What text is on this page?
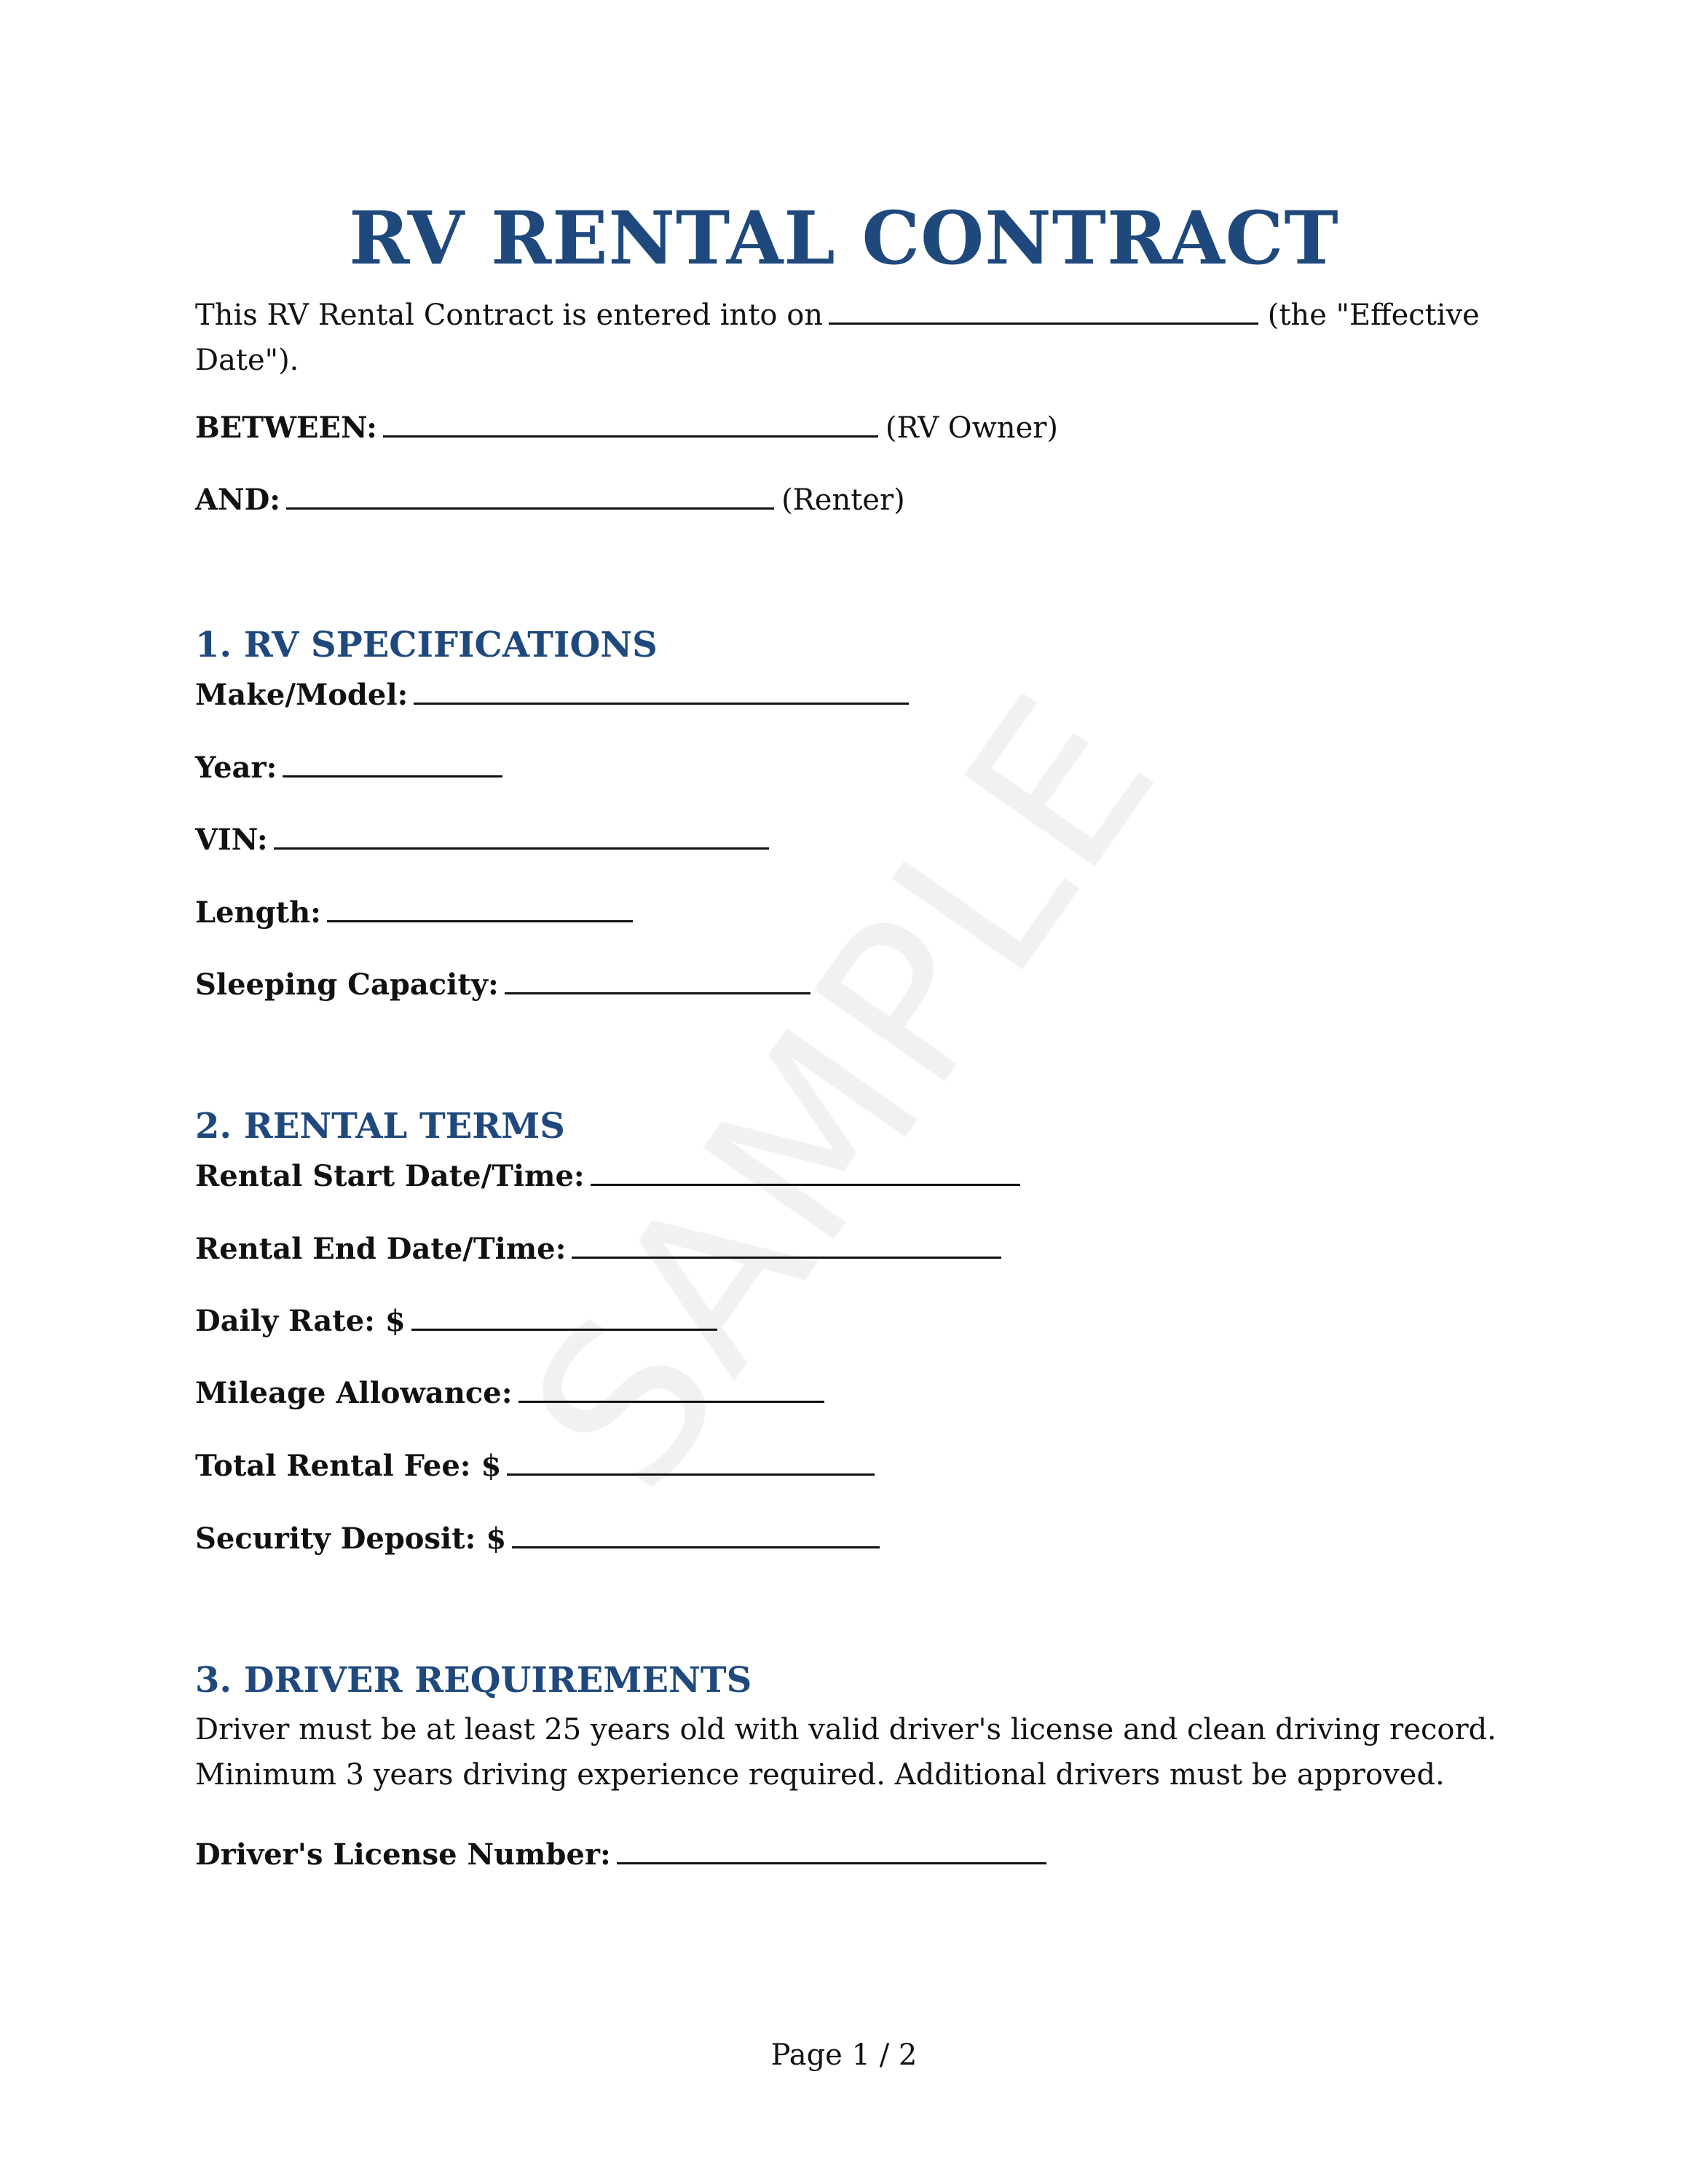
SAMPLE
RV RENTAL CONTRACT
This RV Rental Contract is entered into on	(the "Effective
Date").
BETWEEN:	(RV Owner)
AND:	(Renter)
1. RV SPECIFICATIONS
Make/Model:
Year:
VIN:
Length:
Sleeping Capacity:
2. RENTAL TERMS
Rental Start Date/Time:
Rental End Date/Time:
Daily Rate: $
Mileage Allowance:
Total Rental Fee: $
Security Deposit: $
3. DRIVER REQUIREMENTS
Driver must be at least 25 years old with valid driver's license and clean driving record.
Minimum 3 years driving experience required. Additional drivers must be approved.
Driver's License Number:
Page 1 / 2
